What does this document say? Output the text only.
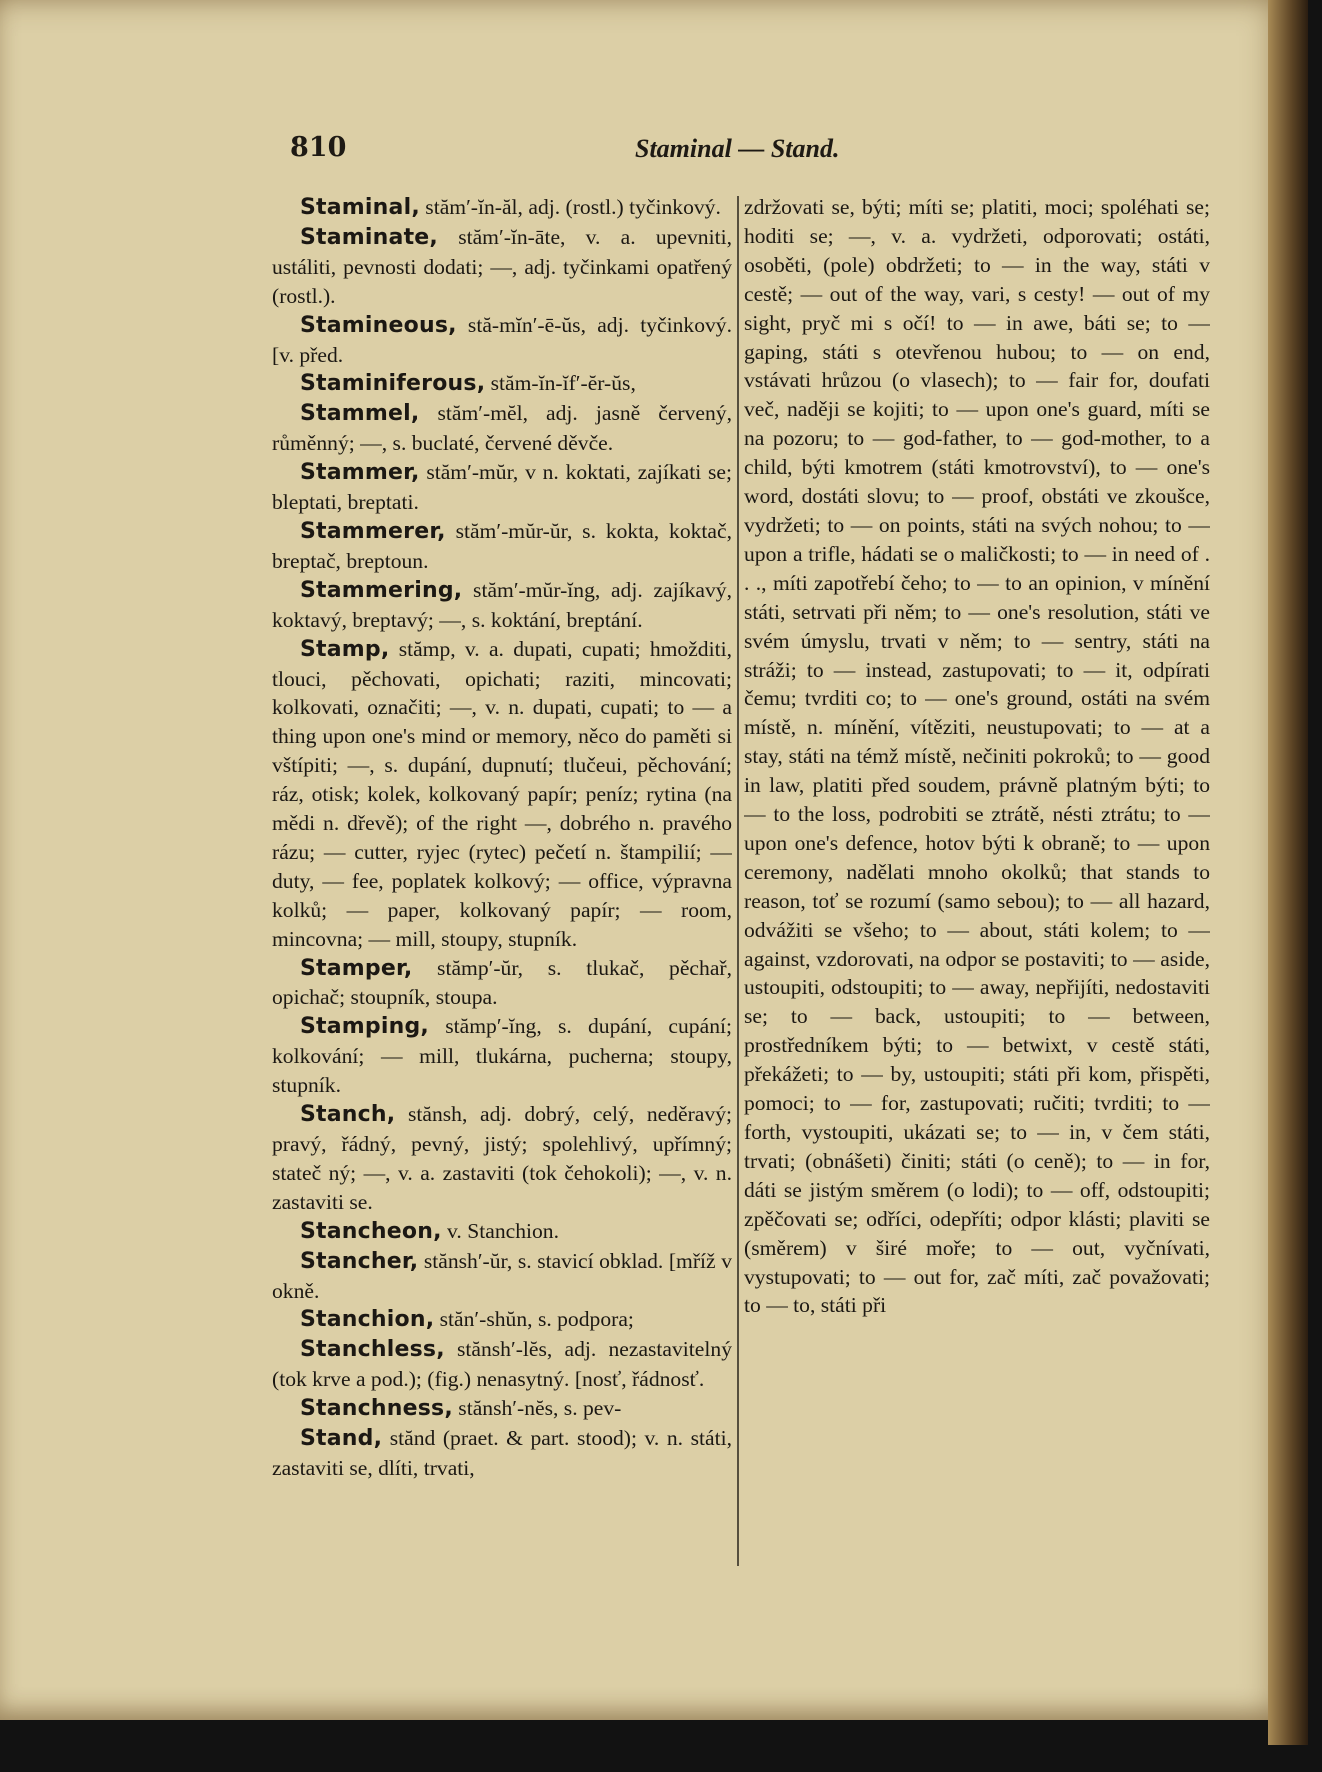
810	Staminal — Stand.

Staminal, stăm′-ĭn-ăl, adj. (rostl.) tyčinkový.

Staminate, stăm′-ĭn-āte, v. a. upevniti, ustáliti, pevnosti dodati; —, adj. tyčinkami opatřený (rostl.).

Stamineous, stă-mĭn′-ē-ŭs, adj. tyčinkový. [v. před.

Staminiferous, stăm-ĭn-ĭf′-ĕr-ŭs,

Stammel, stăm′-mĕl, adj. jasně červený, růměnný; —, s. buclaté, červené děvče.

Stammer, stăm′-mŭr, v n. koktati, zajíkati se; bleptati, breptati.

Stammerer, stăm′-mŭr-ŭr, s. kokta, koktač, breptač, breptoun.

Stammering, stăm′-mŭr-ĭng, adj. zajíkavý, koktavý, breptavý; —, s. koktání, breptání.

Stamp, stămp, v. a. dupati, cupati; hmožditi, tlouci, pěchovati, opichati; raziti, mincovati; kolkovati, označiti; —, v. n. dupati, cupati; to — a thing upon one's mind or memory, něco do paměti si vštípiti; —, s. dupání, dupnutí; tlučeui, pěchování; ráz, otisk; kolek, kolkovaný papír; peníz; rytina (na mědi n. dřevě); of the right —, dobrého n. pravého rázu; — cutter, ryjec (rytec) pečetí n. štampilií; — duty, — fee, poplatek kolkový; — office, výpravna kolků; — paper, kolkovaný papír; — room, mincovna; — mill, stoupy, stupník.

Stamper, stămp′-ŭr, s. tlukač, pěchař, opichač; stoupník, stoupa.

Stamping, stămp′-ĭng, s. dupání, cupání; kolkování; — mill, tlukárna, pucherna; stoupy, stupník.

Stanch, stănsh, adj. dobrý, celý, neděravý; pravý, řádný, pevný, jistý; spolehlivý, upřímný; stateč ný; —, v. a. zastaviti (tok čehokoli); —, v. n. zastaviti se.

Stancheon, v. Stanchion.

Stancher, stănsh′-ŭr, s. stavicí obklad. [mříž v okně.

Stanchion, stăn′-shŭn, s. podpora;

Stanchless, stănsh′-lĕs, adj. nezastavitelný (tok krve a pod.); (fig.) nenasytný. [nosť, řádnosť.

Stanchness, stănsh′-nĕs, s. pev-

Stand, stănd (praet. & part. stood); v. n. státi, zastaviti se, dlíti, trvati,

zdržovati se, býti; míti se; platiti, moci; spoléhati se; hoditi se; —, v. a. vydržeti, odporovati; ostáti, osoběti, (pole) obdržeti; to — in the way, státi v cestě; — out of the way, vari, s cesty! — out of my sight, pryč mi s očí! to — in awe, báti se; to — gaping, státi s otevřenou hubou; to — on end, vstávati hrůzou (o vlasech); to — fair for, doufati več, naději se kojiti; to — upon one's guard, míti se na pozoru; to — god-father, to — god-mother, to a child, býti kmotrem (státi kmotrovství), to — one's word, dostáti slovu; to — proof, obstáti ve zkoušce, vydržeti; to — on points, státi na svých nohou; to — upon a trifle, hádati se o maličkosti; to — in need of . . ., míti zapotřebí čeho; to — to an opinion, v mínění státi, setrvati při něm; to — one's resolution, státi ve svém úmyslu, trvati v něm; to — sentry, státi na stráži; to — instead, zastupovati; to — it, odpírati čemu; tvrditi co; to — one's ground, ostáti na svém místě, n. mínění, vítěziti, neustupovati; to — at a stay, státi na témž místě, nečiniti pokroků; to — good in law, platiti před soudem, právně platným býti; to — to the loss, podrobiti se ztrátě, nésti ztrátu; to — upon one's defence, hotov býti k obraně; to — upon ceremony, nadělati mnoho okolků; that stands to reason, toť se rozumí (samo sebou); to — all hazard, odvážiti se všeho; to — about, státi kolem; to — against, vzdorovati, na odpor se postaviti; to — aside, ustoupiti, odstoupiti; to — away, nepřijíti, nedostaviti se; to — back, ustoupiti; to — between, prostředníkem býti; to — betwixt, v cestě státi, překážeti; to — by, ustoupiti; státi při kom, přispěti, pomoci; to — for, zastupovati; ručiti; tvrditi; to — forth, vystoupiti, ukázati se; to — in, v čem státi, trvati; (obnášeti) činiti; státi (o ceně); to — in for, dáti se jistým směrem (o lodi); to — off, odstoupiti; zpěčovati se; odříci, odepříti; odpor klásti; plaviti se (směrem) v širé moře; to — out, vyčnívati, vystupovati; to — out for, zač míti, zač považovati; to — to, státi při
